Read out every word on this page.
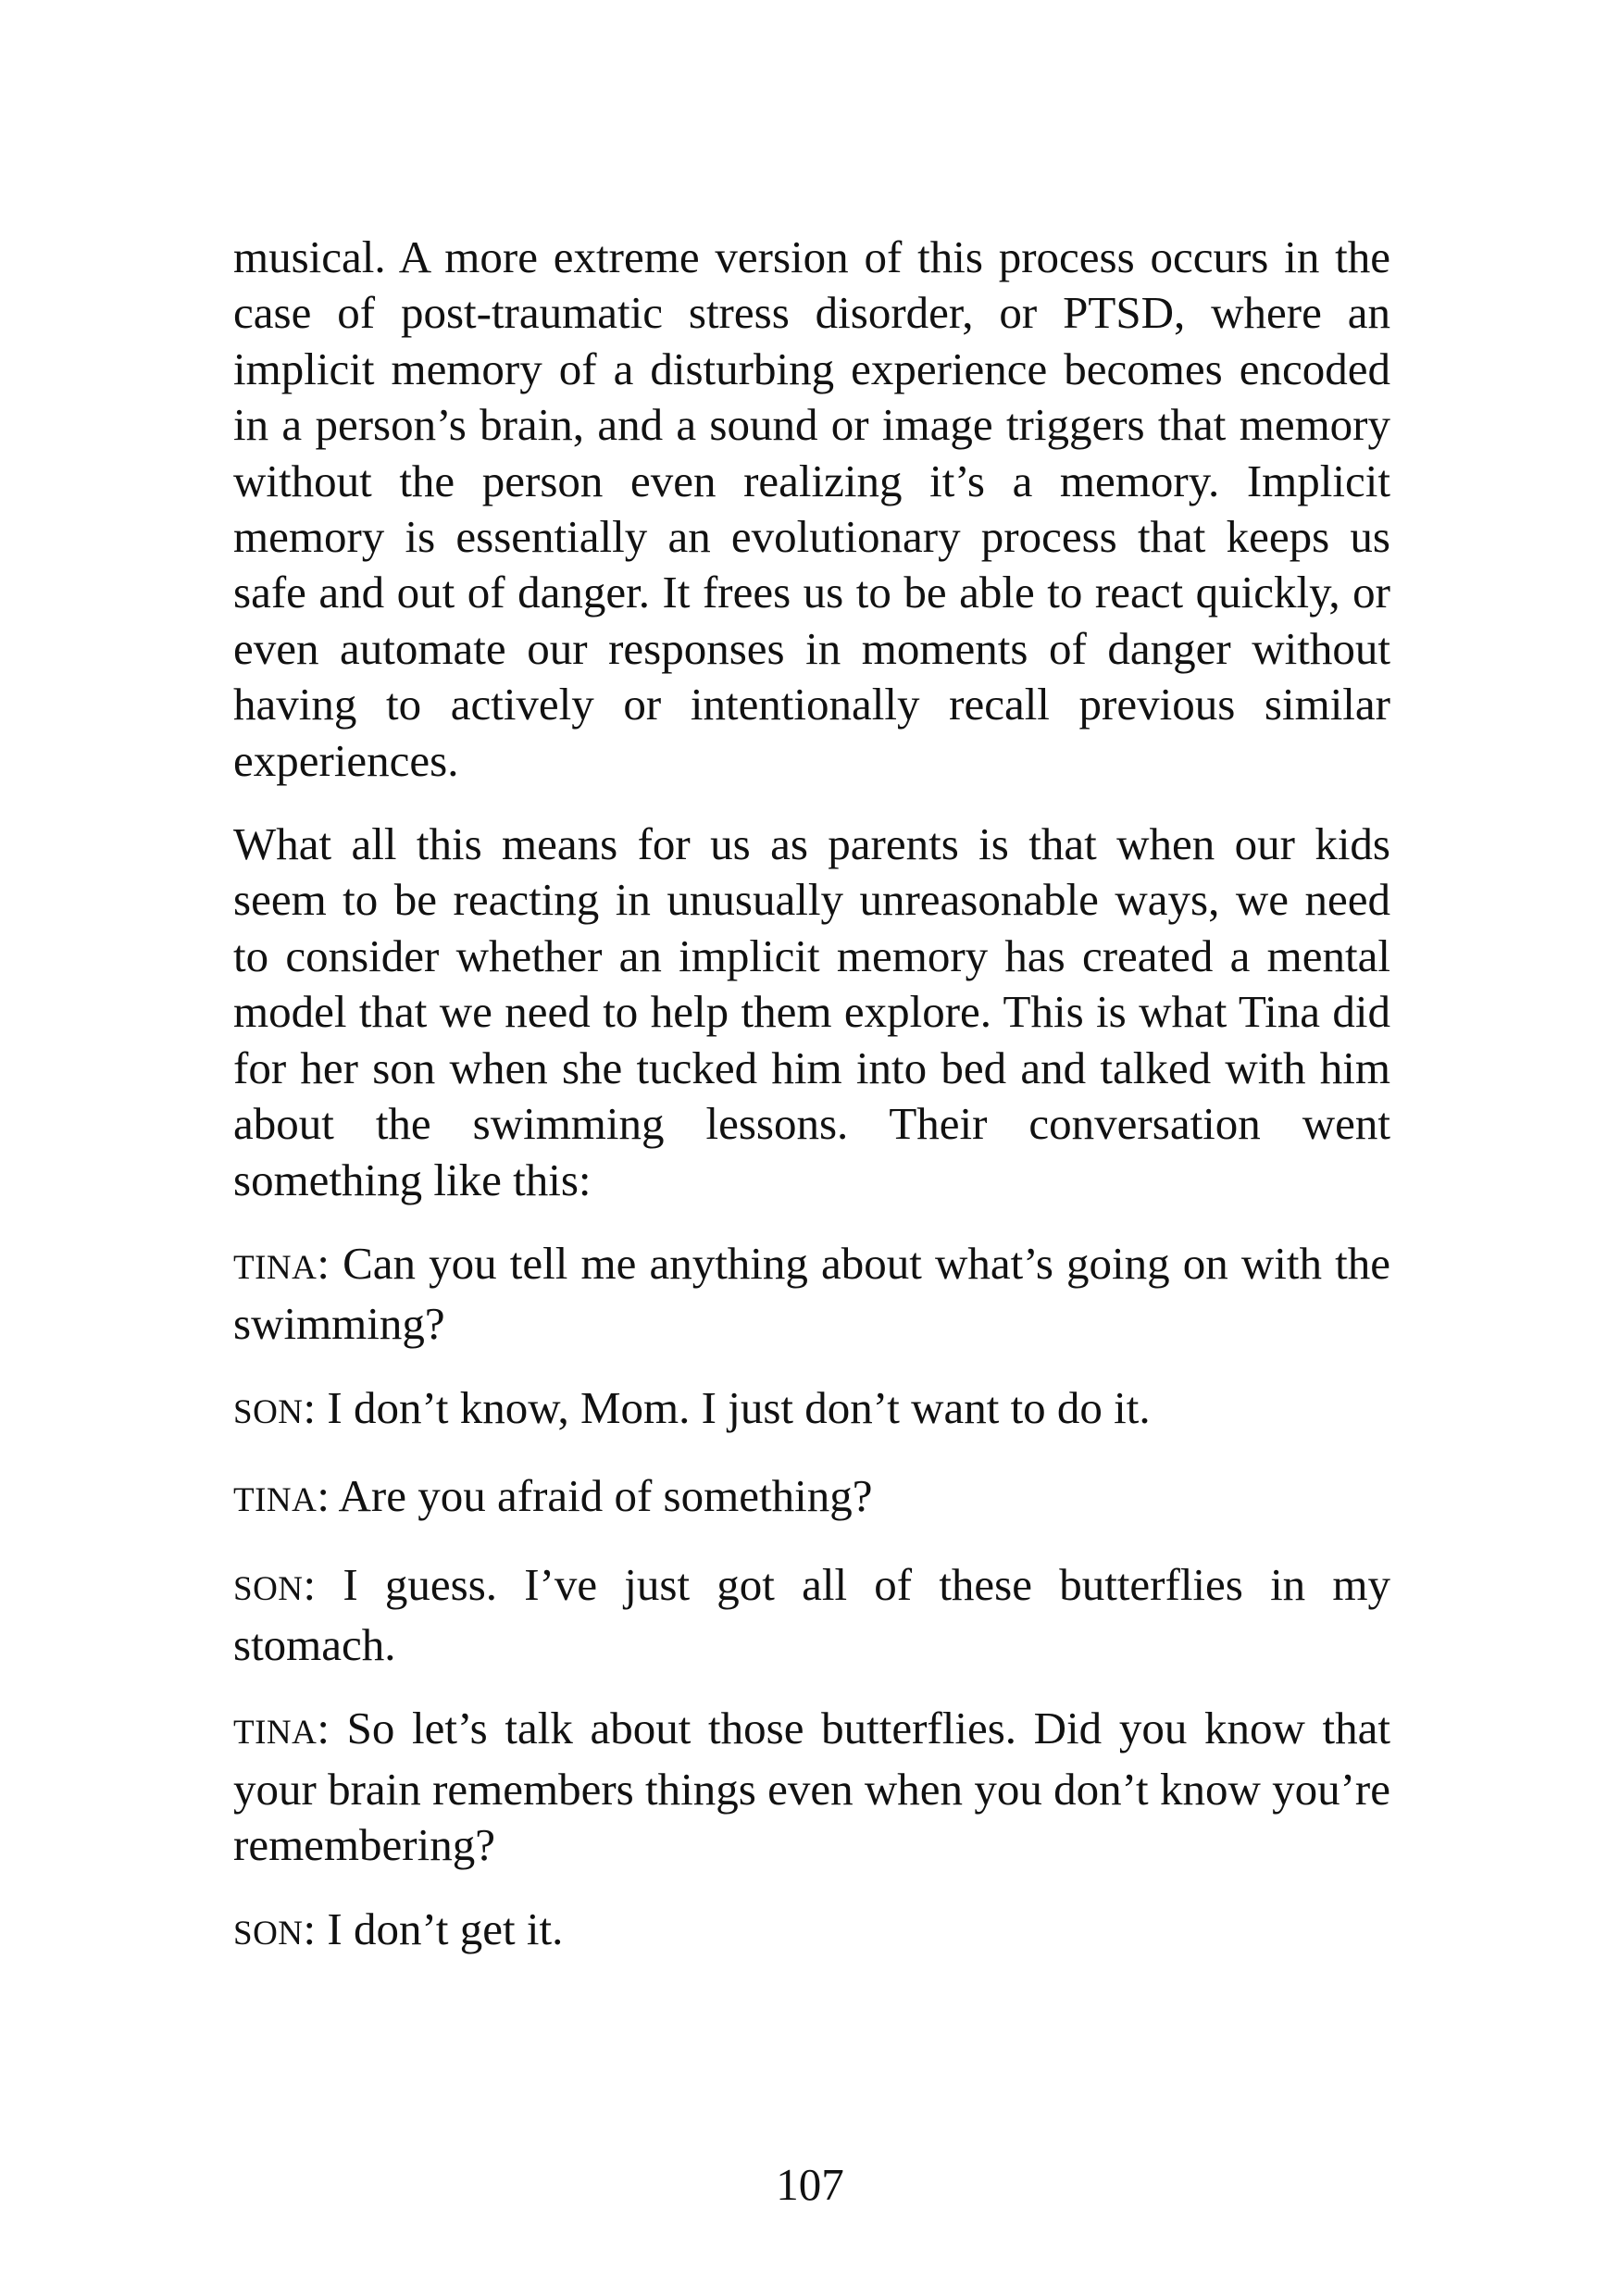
musical. A more extreme version of this process occurs in the case of post-traumatic stress disorder, or PTSD, where an implicit memory of a disturbing experience becomes encoded in a person’s brain, and a sound or image triggers that memory without the person even realizing it’s a memory. Implicit memory is essentially an evolutionary process that keeps us safe and out of danger. It frees us to be able to react quickly, or even automate our responses in moments of danger without having to actively or intentionally recall previous similar experiences.

What all this means for us as parents is that when our kids seem to be reacting in unusually unreasonable ways, we need to consider whether an implicit memory has created a mental model that we need to help them explore. This is what Tina did for her son when she tucked him into bed and talked with him about the swimming lessons. Their conversation went something like this:

TINA: Can you tell me anything about what’s going on with the swimming?

SON: I don’t know, Mom. I just don’t want to do it.

TINA: Are you afraid of something?

SON: I guess. I’ve just got all of these butterflies in my stomach.

TINA: So let’s talk about those butterflies. Did you know that your brain remembers things even when you don’t know you’re remembering?

SON: I don’t get it.

107
